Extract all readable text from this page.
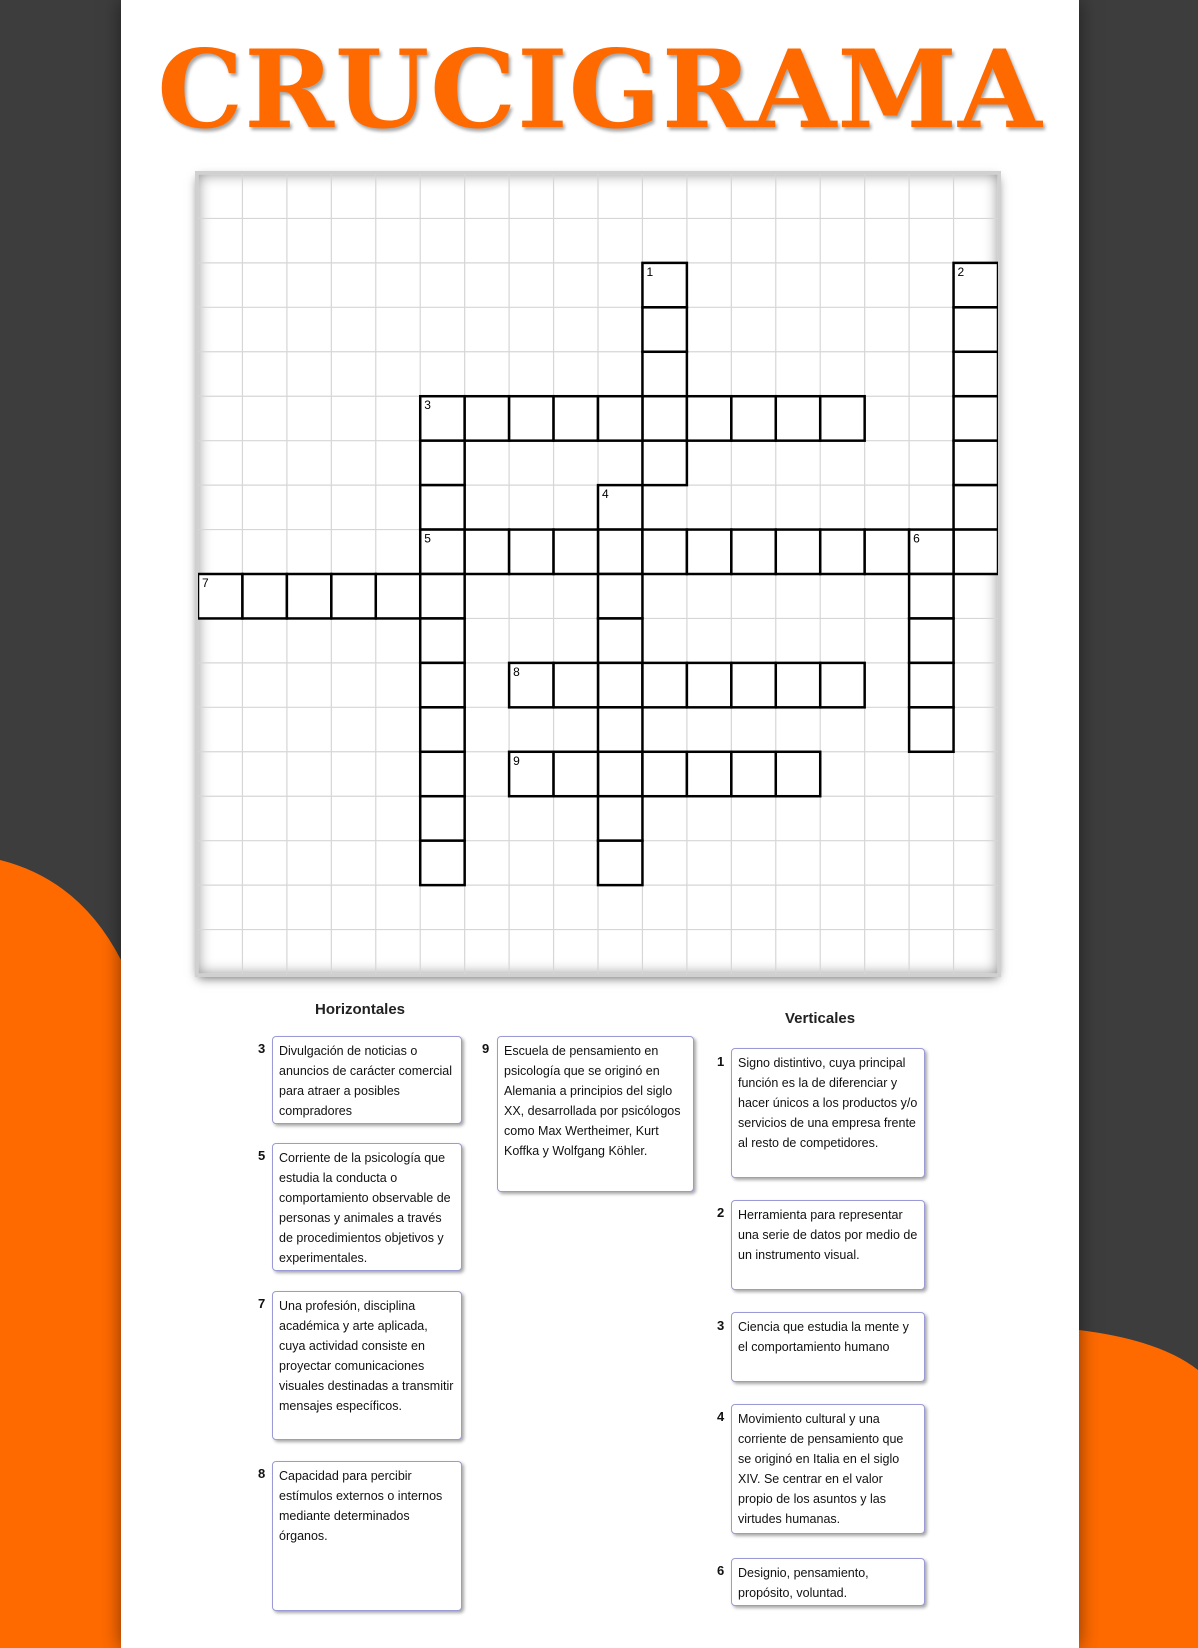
CRUCIGRAMA
1	2
3
4
5	6
7
8
9
Horizontales
3	Divulgación de noticias o anuncios de carácter comercial para atraer a posibles compradores
5	Corriente de la psicología que estudia la conducta o comportamiento observable de personas y animales a través de procedimientos objetivos y experimentales.
7	Una profesión, disciplina académica y arte aplicada, cuya actividad consiste en proyectar comunicaciones visuales destinadas a transmitir mensajes específicos.
8	Capacidad para percibir estímulos externos o internos mediante determinados órganos.
9	Escuela de pensamiento en psicología que se originó en Alemania a principios del siglo XX, desarrollada por psicólogos como Max Wertheimer, Kurt Koffka y Wolfgang Köhler.
Verticales
1	Signo distintivo, cuya principal función es la de diferenciar y hacer únicos a los productos y/o servicios de una empresa frente al resto de competidores.
2	Herramienta para representar una serie de datos por medio de un instrumento visual.
3	Ciencia que estudia la mente y el comportamiento humano
4	Movimiento cultural y una corriente de pensamiento que se originó en Italia en el siglo XIV. Se centrar en el valor propio de los asuntos y las virtudes humanas.
6	Designio, pensamiento, propósito, voluntad.
